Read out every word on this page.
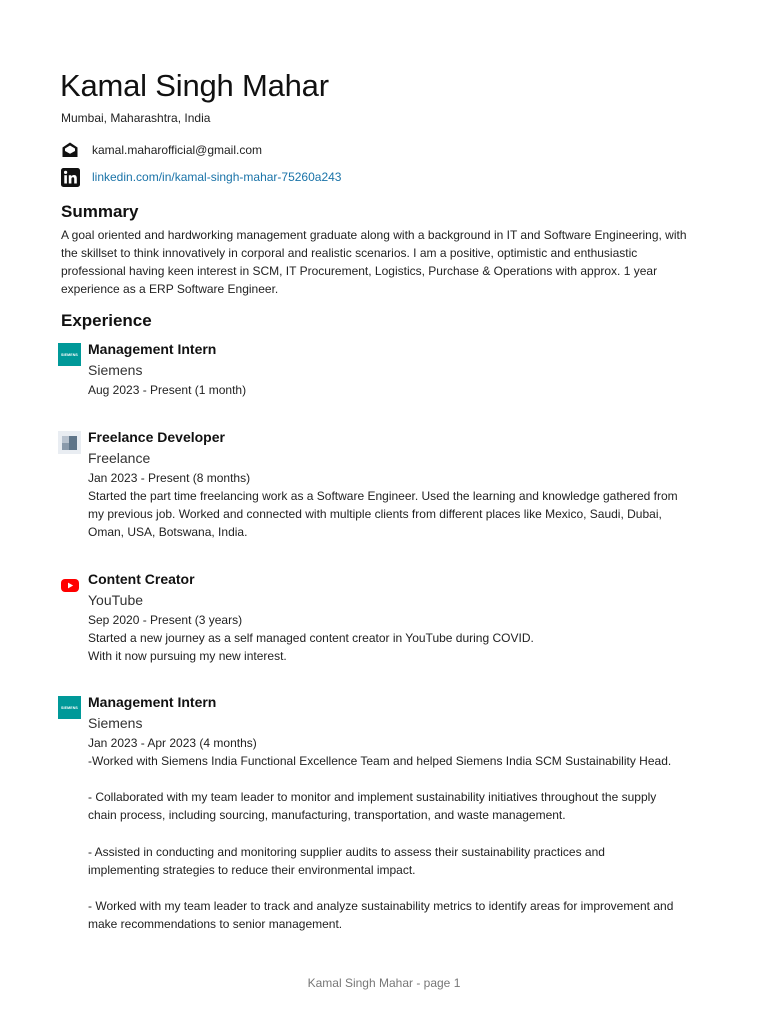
Kamal Singh Mahar
Mumbai, Maharashtra, India
kamal.maharofficial@gmail.com
linkedin.com/in/kamal-singh-mahar-75260a243
Summary
A goal oriented and hardworking management graduate along with a background in IT and Software Engineering, with the skillset to think innovatively in corporal and realistic scenarios. I am a positive, optimistic and enthusiastic professional having keen interest in SCM, IT Procurement, Logistics, Purchase & Operations with approx. 1 year experience as a ERP Software Engineer.
Experience
SIEMENS Management Intern
Siemens
Aug 2023 - Present (1 month)
Freelance Developer
Freelance
Jan 2023 - Present (8 months)

Started the part time freelancing work as a Software Engineer. Used the learning and knowledge gathered from my previous job. Worked and connected with multiple clients from different places like Mexico, Saudi, Dubai, Oman, USA, Botswana, India.

Content Creator
YouTube
Sep 2020 - Present (3 years)
Started a new journey as a self managed content creator in YouTube during COVID.
With it now pursuing my new interest.
SIEMENS Management Intern
Siemens
Jan 2023 - Apr 2023 (4 months)

-Worked with Siemens India Functional Excellence Team and helped Siemens India SCM Sustainability Head.

- Collaborated with my team leader to monitor and implement sustainability initiatives throughout the supply chain process, including sourcing, manufacturing, transportation, and waste management.

- Assisted in conducting and monitoring supplier audits to assess their sustainability practices and implementing strategies to reduce their environmental impact.

- Worked with my team leader to track and analyze sustainability metrics to identify areas for improvement and make recommendations to senior management.

Kamal Singh Mahar - page 1
